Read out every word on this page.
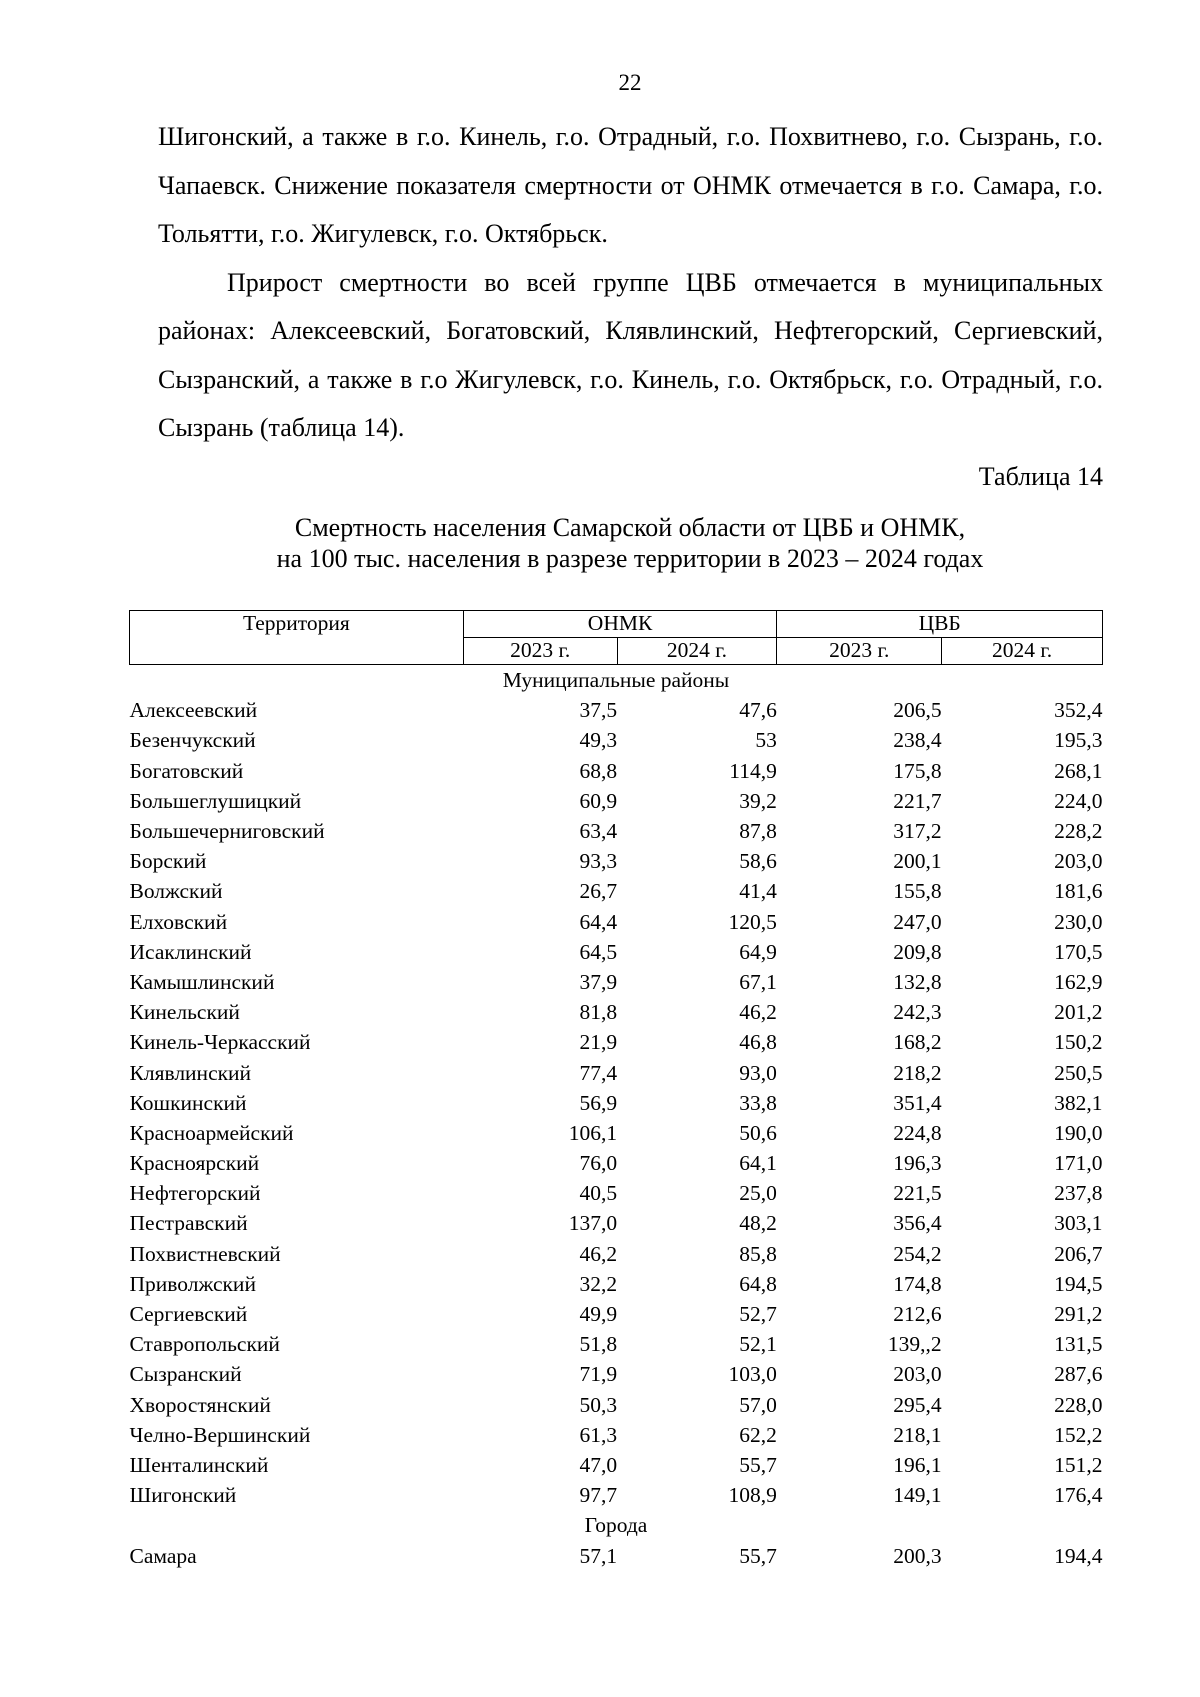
22

Шигонский, а также в г.о. Кинель, г.о. Отрадный, г.о. Похвитнево, г.о. Сызрань, г.о. Чапаевск. Снижение показателя смертности от ОНМК отмечается в г.о. Самара, г.о. Тольятти, г.о. Жигулевск, г.о. Октябрьск.

Прирост смертности во всей группе ЦВБ отмечается в муниципальных районах: Алексеевский, Богатовский, Клявлинский, Нефтегорский, Сергиевский, Сызранский, а также в г.о Жигулевск, г.о. Кинель, г.о. Октябрьск, г.о. Отрадный, г.о. Сызрань (таблица 14).

Таблица 14
Смертность населения Самарской области от ЦВБ и ОНМК,
на 100 тыс. населения в разрезе территории в 2023 – 2024 годах
Территория	ОНМК		ЦВБ	
	2023 г.	2024 г.	2023 г.	2024 г.
Муниципальные районы				
Алексеевский	37,5	47,6	206,5	352,4
Безенчукский	49,3	53	238,4	195,3
Богатовский	68,8	114,9	175,8	268,1
Большеглушицкий	60,9	39,2	221,7	224,0
Большечерниговский	63,4	87,8	317,2	228,2
Борский	93,3	58,6	200,1	203,0
Волжский	26,7	41,4	155,8	181,6
Елховский	64,4	120,5	247,0	230,0
Исаклинский	64,5	64,9	209,8	170,5
Камышлинский	37,9	67,1	132,8	162,9
Кинельский	81,8	46,2	242,3	201,2
Кинель-Черкасский	21,9	46,8	168,2	150,2
Клявлинский	77,4	93,0	218,2	250,5
Кошкинский	56,9	33,8	351,4	382,1
Красноармейский	106,1	50,6	224,8	190,0
Красноярский	76,0	64,1	196,3	171,0
Нефтегорский	40,5	25,0	221,5	237,8
Пестравский	137,0	48,2	356,4	303,1
Похвистневский	46,2	85,8	254,2	206,7
Приволжский	32,2	64,8	174,8	194,5
Сергиевский	49,9	52,7	212,6	291,2
Ставропольский	51,8	52,1	139,,2	131,5
Сызранский	71,9	103,0	203,0	287,6
Хворостянский	50,3	57,0	295,4	228,0
Челно-Вершинский	61,3	62,2	218,1	152,2
Шенталинский	47,0	55,7	196,1	151,2
Шигонский	97,7	108,9	149,1	176,4
Города				
Самара	57,1	55,7	200,3	194,4
